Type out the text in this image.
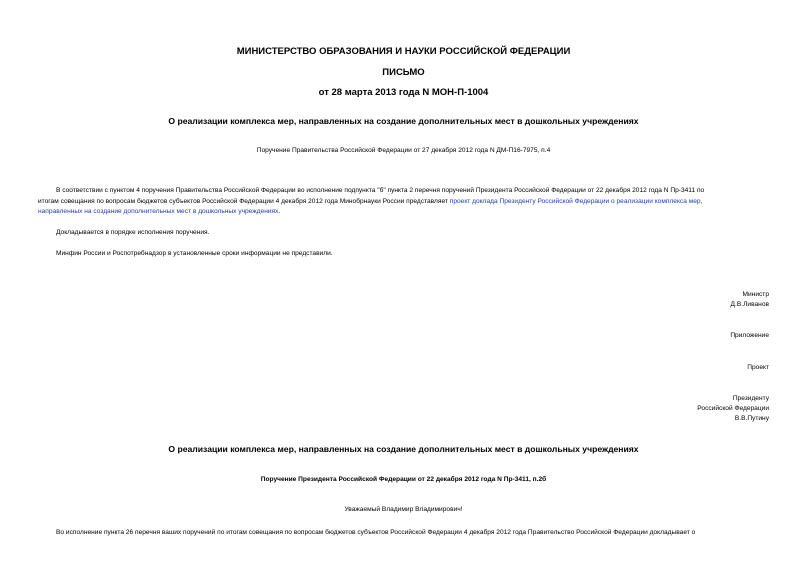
МИНИСТЕРСТВО ОБРАЗОВАНИЯ И НАУКИ РОССИЙСКОЙ ФЕДЕРАЦИИ
ПИСЬМО
от 28 марта 2013 года N МОН-П-1004
О реализации комплекса мер, направленных на создание дополнительных мест в дошкольных учреждениях
Поручение Правительства Российской Федерации от 27 декабря 2012 года N ДМ-П16-7975, п.4
В соответствии с пунктом 4 поручения Правительства Российской Федерации во исполнение подпункта "б" пункта 2 перечня поручений Президента Российской Федерации от 22 декабря 2012 года N Пр-3411 по
итогам совещания по вопросам бюджетов субъектов Российской Федерации 4 декабря 2012 года Минобрнауки России представляет проект доклада Президенту Российской Федерации о реализации комплекса мер,
направленных на создание дополнительных мест в дошкольных учреждениях.
Докладывается в порядке исполнения поручения.
Минфин России и Роспотребнадзор в установленные сроки информации не представили.
Министр
Д.В.Ливанов
Приложение
Проект
Президенту
Российской Федерации
В.В.Путину
О реализации комплекса мер, направленных на создание дополнительных мест в дошкольных учреждениях
Поручение Президента Российской Федерации от 22 декабря 2012 года N Пр-3411, п.2б
Уважаемый Владимир Владимирович!
Во исполнение пункта 26 перечня ваших поручений по итогам совещания по вопросам бюджетов субъектов Российской Федерации 4 декабря 2012 года Правительство Российской Федерации докладывает о
